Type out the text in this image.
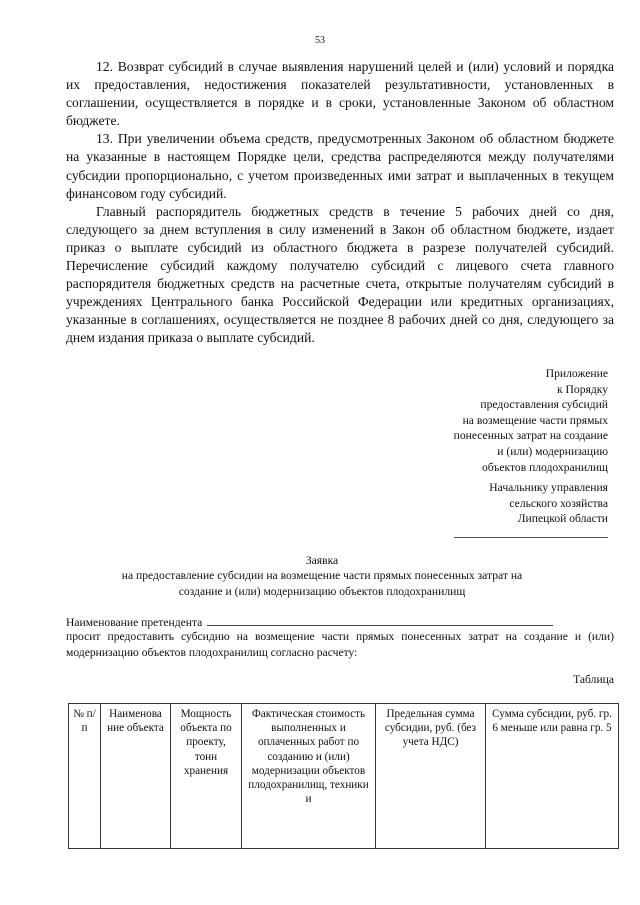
53

12. Возврат субсидий в случае выявления нарушений целей и (или) условий и порядка их предоставления, недостижения показателей результативности, установленных в соглашении, осуществляется в порядке и в сроки, установленные Законом об областном бюджете.

13. При увеличении объема средств, предусмотренных Законом об областном бюджете на указанные в настоящем Порядке цели, средства распределяются между получателями субсидии пропорционально, с учетом произведенных ими затрат и выплаченных в текущем финансовом году субсидий.

Главный распорядитель бюджетных средств в течение 5 рабочих дней со дня, следующего за днем вступления в силу изменений в Закон об областном бюджете, издает приказ о выплате субсидий из областного бюджета в разрезе получателей субсидий. Перечисление субсидий каждому получателю субсидий с лицевого счета главного распорядителя бюджетных средств на расчетные счета, открытые получателям субсидий в учреждениях Центрального банка Российской Федерации или кредитных организациях, указанные в соглашениях, осуществляется не позднее 8 рабочих дней со дня, следующего за днем издания приказа о выплате субсидий.

Приложение
к Порядку
предоставления субсидий
на возмещение части прямых
понесенных затрат на создание
и (или) модернизацию
объектов плодохранилищ
Начальнику управления
сельского хозяйства
Липецкой области
Заявка
на предоставление субсидии на возмещение части прямых понесенных затрат на
создание и (или) модернизацию объектов плодохранилищ
Наименование претендента
просит предоставить субсидию на возмещение части прямых понесенных затрат на создание и (или) модернизацию объектов плодохранилищ согласно расчету:
Таблица
№ п/п	Наименова ние объекта	Мощность объекта по проекту, тонн хранения	Фактическая стоимость выполненных и оплаченных работ по созданию и (или) модернизации объектов плодохранилищ, техники и	Предельная сумма субсидии, руб. (без учета НДС)	Сумма субсидии, руб. гр. 6 меньше или равна гр. 5
